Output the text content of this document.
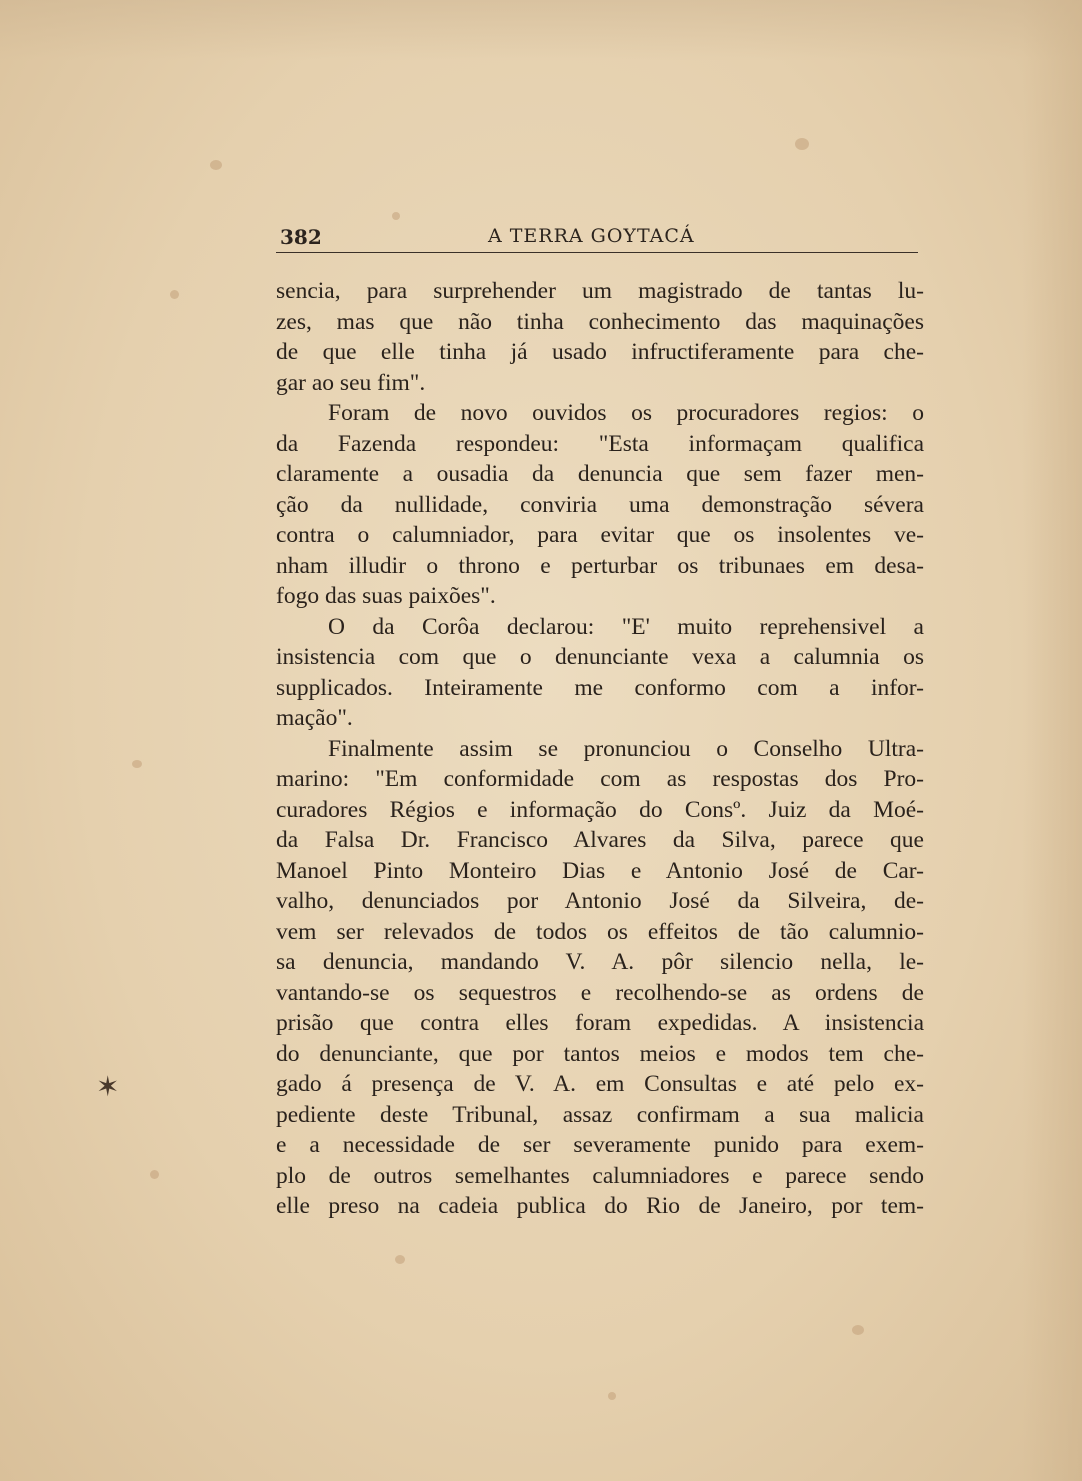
382	A TERRA GOYTACÁ
sencia, para surprehender um magistrado de tantas lu-
zes, mas que não tinha conhecimento das maquinações
de que elle tinha já usado infructiferamente para che-
gar ao seu fim".
Foram de novo ouvidos os procuradores regios: o
da Fazenda respondeu: "Esta informaçam qualifica
claramente a ousadia da denuncia que sem fazer men-
ção da nullidade, conviria uma demonstração sévera
contra o calumniador, para evitar que os insolentes ve-
nham illudir o throno e perturbar os tribunaes em desa-
fogo das suas paixões".
O da Corôa declarou: "E' muito reprehensivel a
insistencia com que o denunciante vexa a calumnia os
supplicados. Inteiramente me conformo com a infor-
mação".
Finalmente assim se pronunciou o Conselho Ultra-
marino: "Em conformidade com as respostas dos Pro-
curadores Régios e informação do Consº. Juiz da Moé-
da Falsa Dr. Francisco Alvares da Silva, parece que
Manoel Pinto Monteiro Dias e Antonio José de Car-
valho, denunciados por Antonio José da Silveira, de-
vem ser relevados de todos os effeitos de tão calumnio-
sa denuncia, mandando V. A. pôr silencio nella, le-
vantando-se os sequestros e recolhendo-se as ordens de
prisão que contra elles foram expedidas. A insistencia
do denunciante, que por tantos meios e modos tem che-
gado á presença de V. A. em Consultas e até pelo ex-
pediente deste Tribunal, assaz confirmam a sua malicia
e a necessidade de ser severamente punido para exem-
plo de outros semelhantes calumniadores e parece sendo
elle preso na cadeia publica do Rio de Janeiro, por tem-
✶
